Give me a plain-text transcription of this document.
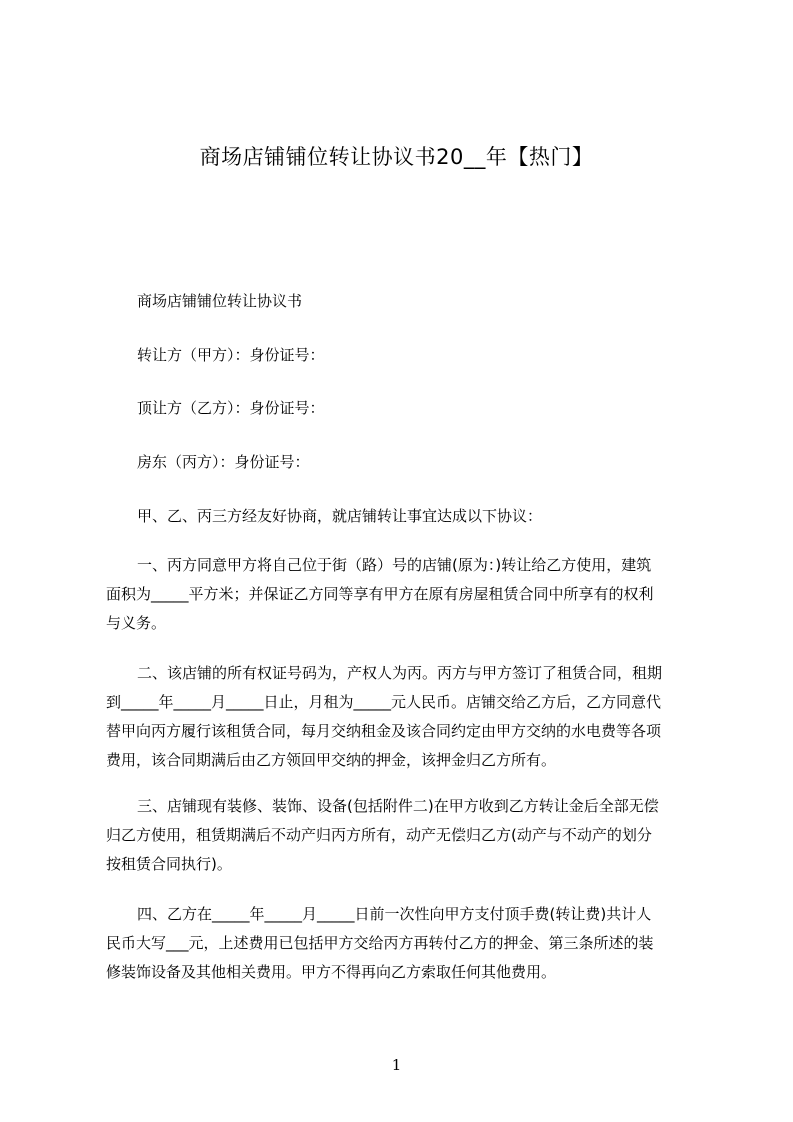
商场店铺铺位转让协议书20__年【热门】
商场店铺铺位转让协议书
转让方（甲方）：身份证号：
顶让方（乙方）：身份证号：
房东（丙方）：身份证号：
甲、乙、丙三方经友好协商，就店铺转让事宜达成以下协议：
一、丙方同意甲方将自己位于街（路）号的店铺(原为：)转让给乙方使用，建筑
面积为_____平方米；并保证乙方同等享有甲方在原有房屋租赁合同中所享有的权利
与义务。
二、该店铺的所有权证号码为，产权人为丙。丙方与甲方签订了租赁合同，租期
到_____年_____月_____日止，月租为_____元人民币。店铺交给乙方后，乙方同意代
替甲向丙方履行该租赁合同，每月交纳租金及该合同约定由甲方交纳的水电费等各项
费用，该合同期满后由乙方领回甲交纳的押金，该押金归乙方所有。
三、店铺现有装修、装饰、设备(包括附件二)在甲方收到乙方转让金后全部无偿
归乙方使用，租赁期满后不动产归丙方所有，动产无偿归乙方(动产与不动产的划分
按租赁合同执行)。
四、乙方在_____年_____月_____日前一次性向甲方支付顶手费(转让费)共计人
民币大写___元，上述费用已包括甲方交给丙方再转付乙方的押金、第三条所述的装
修装饰设备及其他相关费用。甲方不得再向乙方索取任何其他费用。
1
